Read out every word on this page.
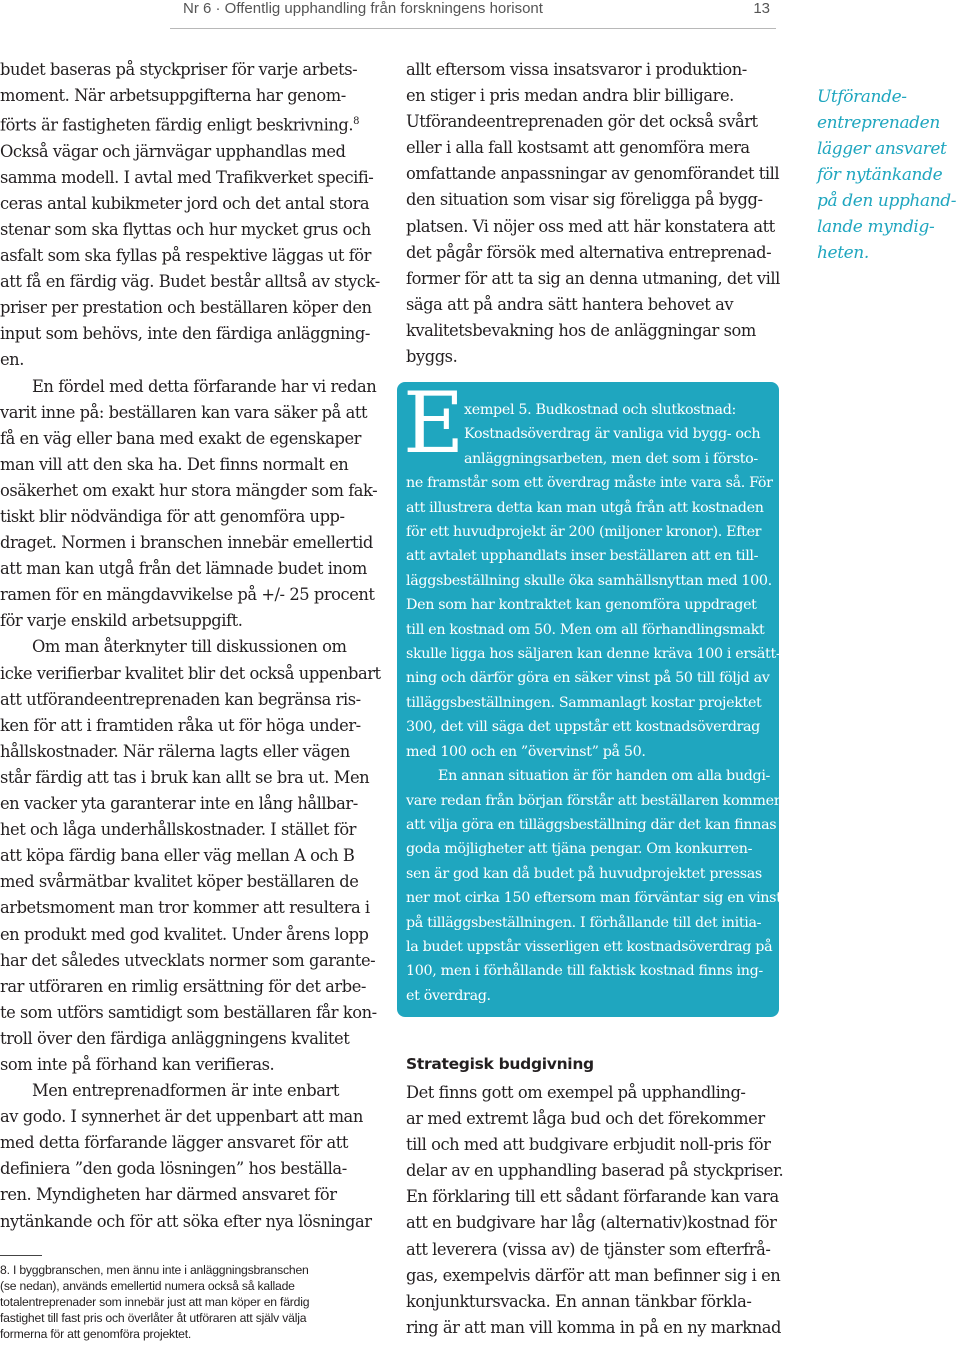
Nr 6 · Offentlig upphandling från forskningens horisont	13

budet baseras på styckpriser för varje arbets-
moment. När arbetsuppgifterna har genom-
förts är fastigheten färdig enligt beskrivning.$^8$
Också vägar och järnvägar upphandlas med
samma modell. I avtal med Trafikverket specifi-
ceras antal kubikmeter jord och det antal stora
stenar som ska flyttas och hur mycket grus och
asfalt som ska fyllas på respektive läggas ut för
att få en färdig väg. Budet består alltså av styck-
priser per prestation och beställaren köper den
input som behövs, inte den färdiga anläggning-
en.

En fördel med detta förfarande har vi redan
varit inne på: beställaren kan vara säker på att
få en väg eller bana med exakt de egenskaper
man vill att den ska ha. Det finns normalt en
osäkerhet om exakt hur stora mängder som fak-
tiskt blir nödvändiga för att genomföra upp-
draget. Normen i branschen innebär emellertid
att man kan utgå från det lämnade budet inom
ramen för en mängdavvikelse på +/- 25 procent
för varje enskild arbetsuppgift.

Om man återknyter till diskussionen om
icke verifierbar kvalitet blir det också uppenbart
att utförandeentreprenaden kan begränsa ris-
ken för att i framtiden råka ut för höga under-
hållskostnader. När rälerna lagts eller vägen
står färdig att tas i bruk kan allt se bra ut. Men
en vacker yta garanterar inte en lång hållbar-
het och låga underhållskostnader. I stället för
att köpa färdig bana eller väg mellan A och B
med svårmätbar kvalitet köper beställaren de
arbetsmoment man tror kommer att resultera i
en produkt med god kvalitet. Under årens lopp
har det således utvecklats normer som garante-
rar utföraren en rimlig ersättning för det arbe-
te som utförs samtidigt som beställaren får kon-
troll över den färdiga anläggningens kvalitet
som inte på förhand kan verifieras.

Men entreprenadformen är inte enbart
av godo. I synnerhet är det uppenbart att man
med detta förfarande lägger ansvaret för att
definiera ”den goda lösningen” hos beställa-
ren. Myndigheten har därmed ansvaret för
nytänkande och för att söka efter nya lösningar

8. I byggbranschen, men ännu inte i anläggningsbranschen
(se nedan), används emellertid numera också så kallade
totalentreprenader som innebär just att man köper en färdig
fastighet till fast pris och överlåter åt utföraren att själv välja
formerna för att genomföra projektet.

allt eftersom vissa insatsvaror i produktion-
en stiger i pris medan andra blir billigare.
Utförandeentreprenaden gör det också svårt
eller i alla fall kostsamt att genomföra mera
omfattande anpassningar av genomförandet till
den situation som visar sig föreligga på bygg-
platsen. Vi nöjer oss med att här konstatera att
det pågår försök med alternativa entreprenad-
former för att ta sig an denna utmaning, det vill
säga att på andra sätt hantera behovet av
kvalitetsbevakning hos de anläggningar som
byggs.

Utförande-
entreprenaden
lägger ansvaret
för nytänkande
på den upphand-
lande myndig-
heten.
E xempel 5. Budkostnad och slutkostnad:
Kostnadsöverdrag är vanliga vid bygg- och
anläggningsarbeten, men det som i förstо-
ne framstår som ett överdrag måste inte vara så. För
att illustrera detta kan man utgå från att kostnaden
för ett huvudprojekt är 200 (miljoner kronor). Efter
att avtalet upphandlats inser beställaren att en till-
läggsbeställning skulle öka samhällsnyttan med 100.
Den som har kontraktet kan genomföra uppdraget
till en kostnad om 50. Men om all förhandlingsmakt
skulle ligga hos säljaren kan denne kräva 100 i ersätt-
ning och därför göra en säker vinst på 50 till följd av
tilläggsbeställningen. Sammanlagt kostar projektet
300, det vill säga det uppstår ett kostnadsöverdrag
med 100 och en ”övervinst” på 50.
En annan situation är för handen om alla budgi-
vare redan från början förstår att beställaren kommer
att vilja göra en tilläggsbeställning där det kan finnas
goda möjligheter att tjäna pengar. Om konkurren-
sen är god kan då budet på huvudprojektet pressas
ner mot cirka 150 eftersom man förväntar sig en vinst
på tilläggsbeställningen. I förhållande till det initia-
la budet uppstår visserligen ett kostnadsöverdrag på
100, men i förhållande till faktisk kostnad finns ing-
et överdrag.
Strategisk budgivning
Det finns gott om exempel på upphandling-
ar med extremt låga bud och det förekommer
till och med att budgivare erbjudit noll-pris för
delar av en upphandling baserad på styckpriser.
En förklaring till ett sådant förfarande kan vara
att en budgivare har låg (alternativ)kostnad för
att leverera (vissa av) de tjänster som efterfrå-
gas, exempelvis därför att man befinner sig i en
konjunktursvacka. En annan tänkbar förkla-
ring är att man vill komma in på en ny marknad
